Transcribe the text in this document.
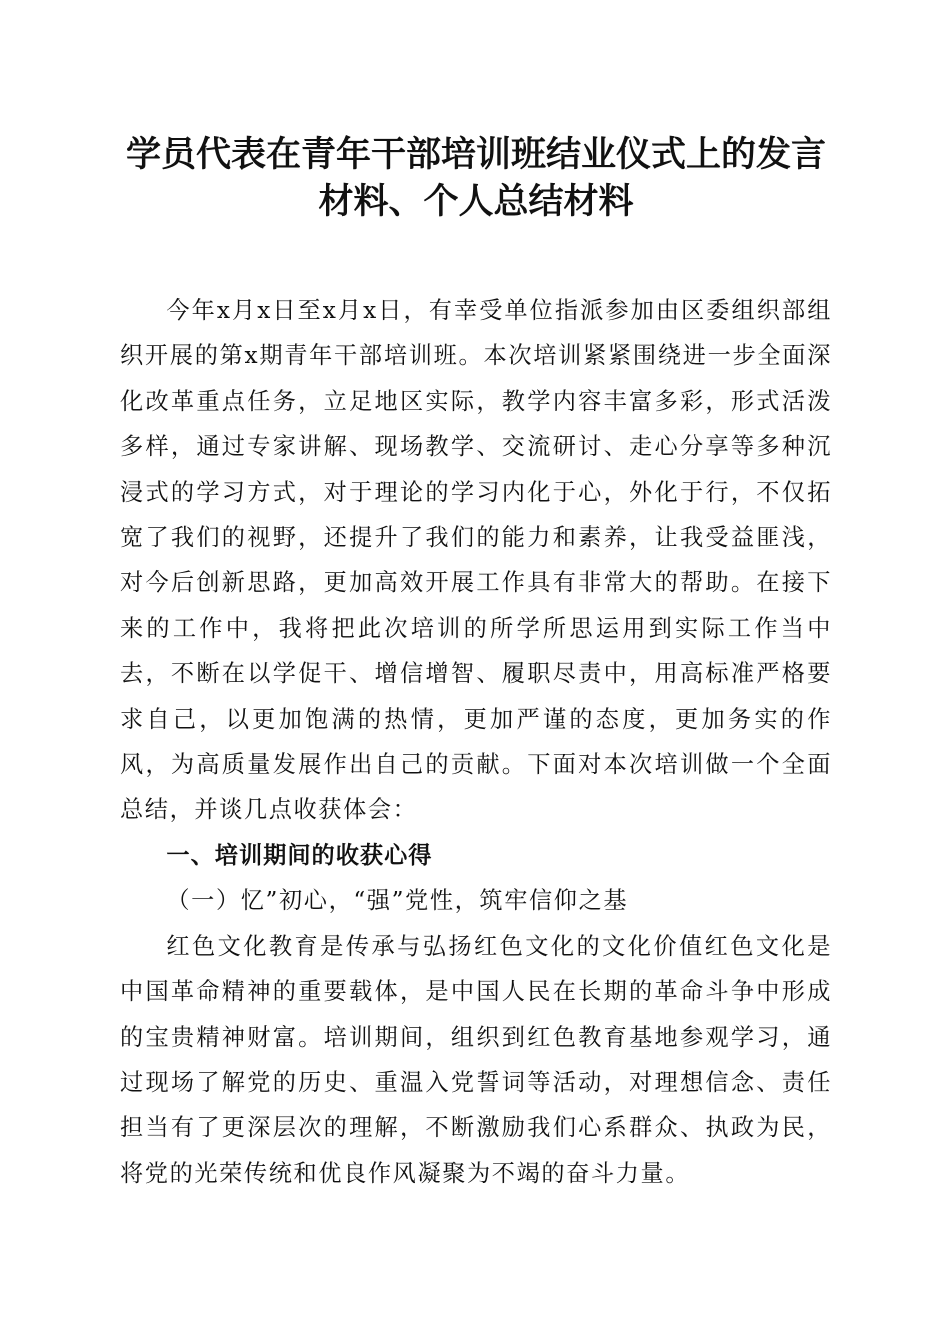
学员代表在青年干部培训班结业仪式上的发言
材料、个人总结材料

今年x月x日至x月x日，有幸受单位指派参加由区委组织部组织开展的第x期青年干部培训班。本次培训紧紧围绕进一步全面深化改革重点任务，立足地区实际，教学内容丰富多彩，形式活泼多样，通过专家讲解、现场教学、交流研讨、走心分享等多种沉浸式的学习方式，对于理论的学习内化于心，外化于行，不仅拓宽了我们的视野，还提升了我们的能力和素养，让我受益匪浅，对今后创新思路，更加高效开展工作具有非常大的帮助。在接下来的工作中，我将把此次培训的所学所思运用到实际工作当中去，不断在以学促干、增信增智、履职尽责中，用高标准严格要求自己，以更加饱满的热情，更加严谨的态度，更加务实的作风，为高质量发展作出自己的贡献。下面对本次培训做一个全面总结，并谈几点收获体会：

一、培训期间的收获心得

（一）忆”初心，“强”党性，筑牢信仰之基

红色文化教育是传承与弘扬红色文化的文化价值红色文化是中国革命精神的重要载体，是中国人民在长期的革命斗争中形成的宝贵精神财富。培训期间，组织到红色教育基地参观学习，通过现场了解党的历史、重温入党誓词等活动，对理想信念、责任担当有了更深层次的理解，不断激励我们心系群众、执政为民，将党的光荣传统和优良作风凝聚为不竭的奋斗力量。
